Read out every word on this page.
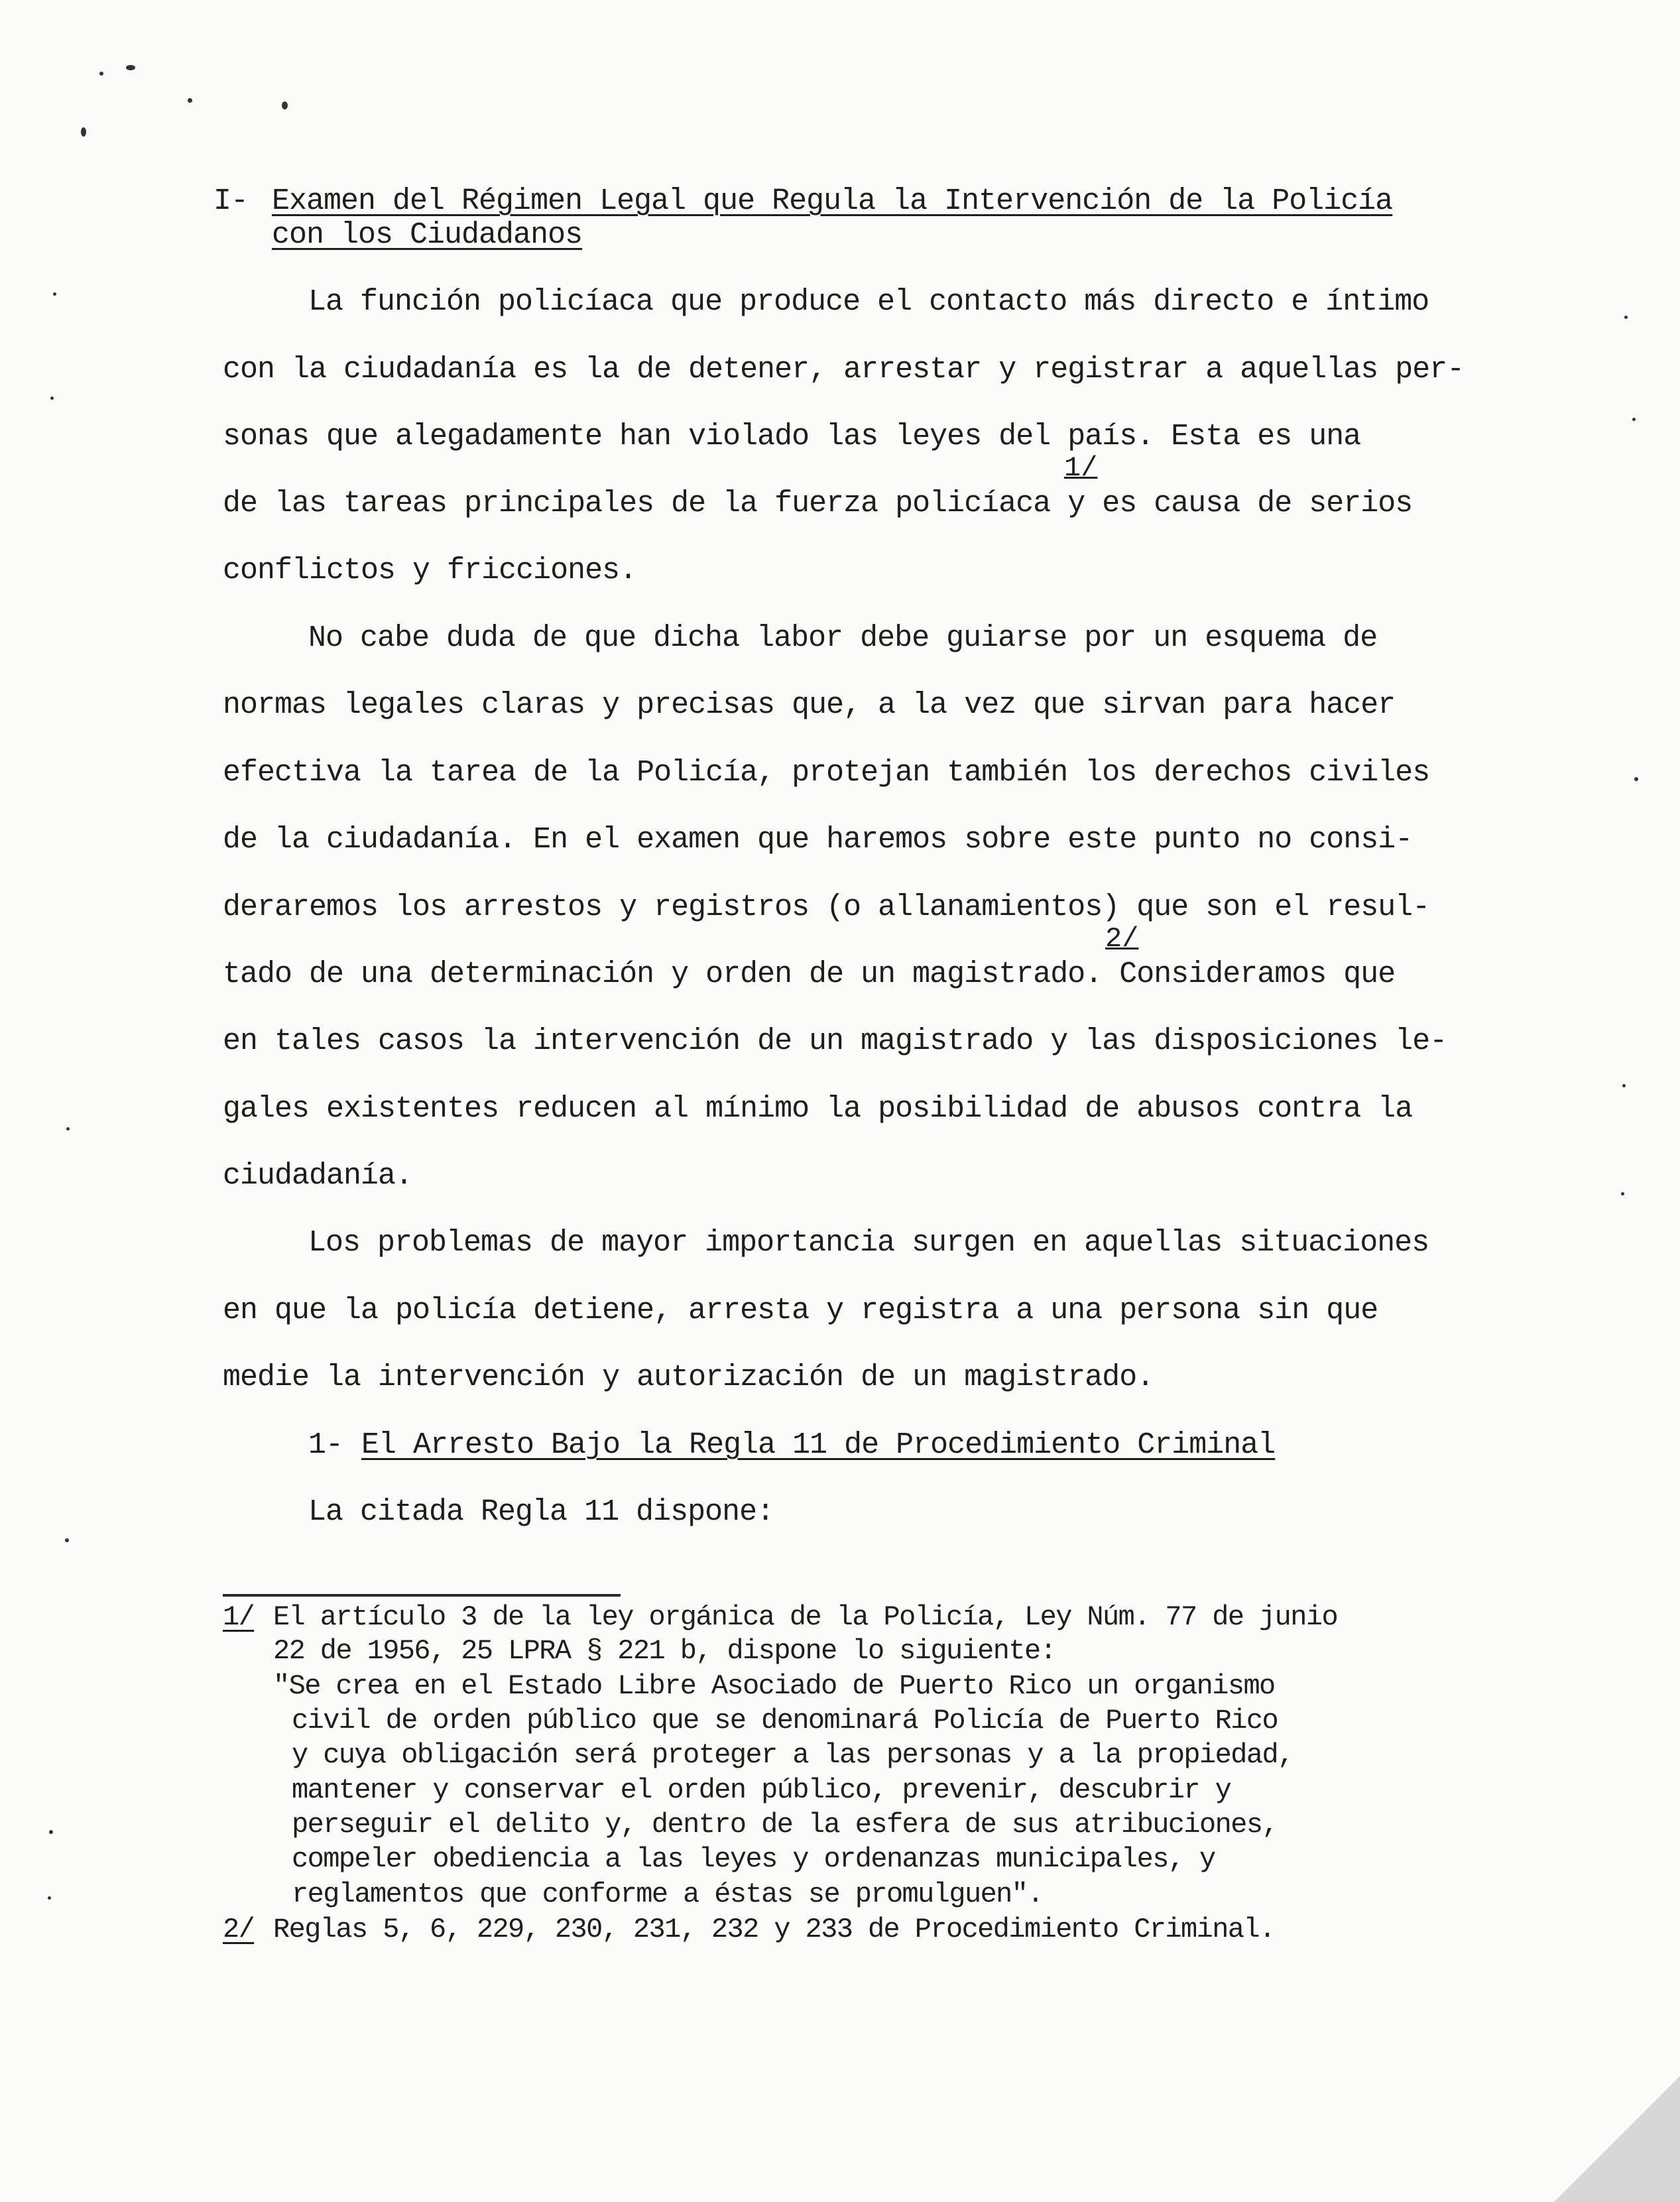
I- Examen del Régimen Legal que Regula la Intervención de la Policía
con los Ciudadanos
La función policíaca que produce el contacto más directo e íntimo
con la ciudadanía es la de detener, arrestar y registrar a aquellas per-
sonas que alegadamente han violado las leyes del país. Esta es una
1/
de las tareas principales de la fuerza policíaca y es causa de serios
conflictos y fricciones.
No cabe duda de que dicha labor debe guiarse por un esquema de
normas legales claras y precisas que, a la vez que sirvan para hacer
efectiva la tarea de la Policía, protejan también los derechos civiles
de la ciudadanía. En el examen que haremos sobre este punto no consi-
deraremos los arrestos y registros (o allanamientos) que son el resul-
2/
tado de una determinación y orden de un magistrado. Consideramos que
en tales casos la intervención de un magistrado y las disposiciones le-
gales existentes reducen al mínimo la posibilidad de abusos contra la
ciudadanía.
Los problemas de mayor importancia surgen en aquellas situaciones
en que la policía detiene, arresta y registra a una persona sin que
medie la intervención y autorización de un magistrado.
1- El Arresto Bajo la Regla 11 de Procedimiento Criminal
La citada Regla 11 dispone:
1/ El artículo 3 de la ley orgánica de la Policía, Ley Núm. 77 de junio
22 de 1956, 25 LPRA § 221 b, dispone lo siguiente:
"Se crea en el Estado Libre Asociado de Puerto Rico un organismo
civil de orden público que se denominará Policía de Puerto Rico
y cuya obligación será proteger a las personas y a la propiedad,
mantener y conservar el orden público, prevenir, descubrir y
perseguir el delito y, dentro de la esfera de sus atribuciones,
compeler obediencia a las leyes y ordenanzas municipales, y
reglamentos que conforme a éstas se promulguen".
2/ Reglas 5, 6, 229, 230, 231, 232 y 233 de Procedimiento Criminal.
